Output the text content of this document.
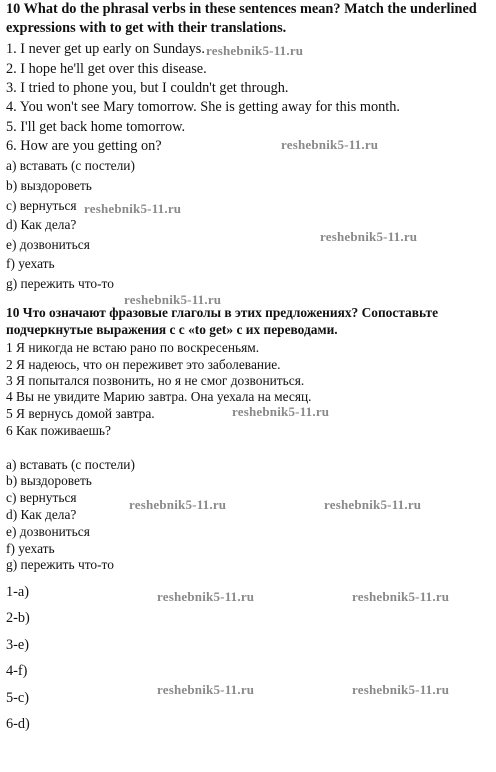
10 What do the phrasal verbs in these sentences mean? Match the underlined
expressions with to get with their translations.
1. I never get up early on Sundays.
2. I hope he'll get over this disease.
3. I tried to phone you, but I couldn't get through.
4. You won't see Mary tomorrow. She is getting away for this month.
5. I'll get back home tomorrow.
6. How are you getting on?
a) вставать (с постели)
b) выздороветь
c) вернуться
d) Как дела?
e) дозвониться
f) уехать
g) пережить что-то
10 Что означают фразовые глаголы в этих предложениях? Сопоставьте
подчеркнутые выражения с с «to get» с их переводами.
1 Я никогда не встаю рано по воскресеньям.
2 Я надеюсь, что он переживет это заболевание.
3 Я попытался позвонить, но я не смог дозвониться.
4 Вы не увидите Марию завтра. Она уехала на месяц.
5 Я вернусь домой завтра.
6 Как поживаешь?
a) вставать (с постели)
b) выздороветь
c) вернуться
d) Как дела?
e) дозвониться
f) уехать
g) пережить что-то
1-a)
2-b)
3-e)
4-f)
5-c)
6-d)
reshebnik5-11.ru
reshebnik5-11.ru
reshebnik5-11.ru
reshebnik5-11.ru
reshebnik5-11.ru
reshebnik5-11.ru
reshebnik5-11.ru	reshebnik5-11.ru
reshebnik5-11.ru	reshebnik5-11.ru
reshebnik5-11.ru	reshebnik5-11.ru
